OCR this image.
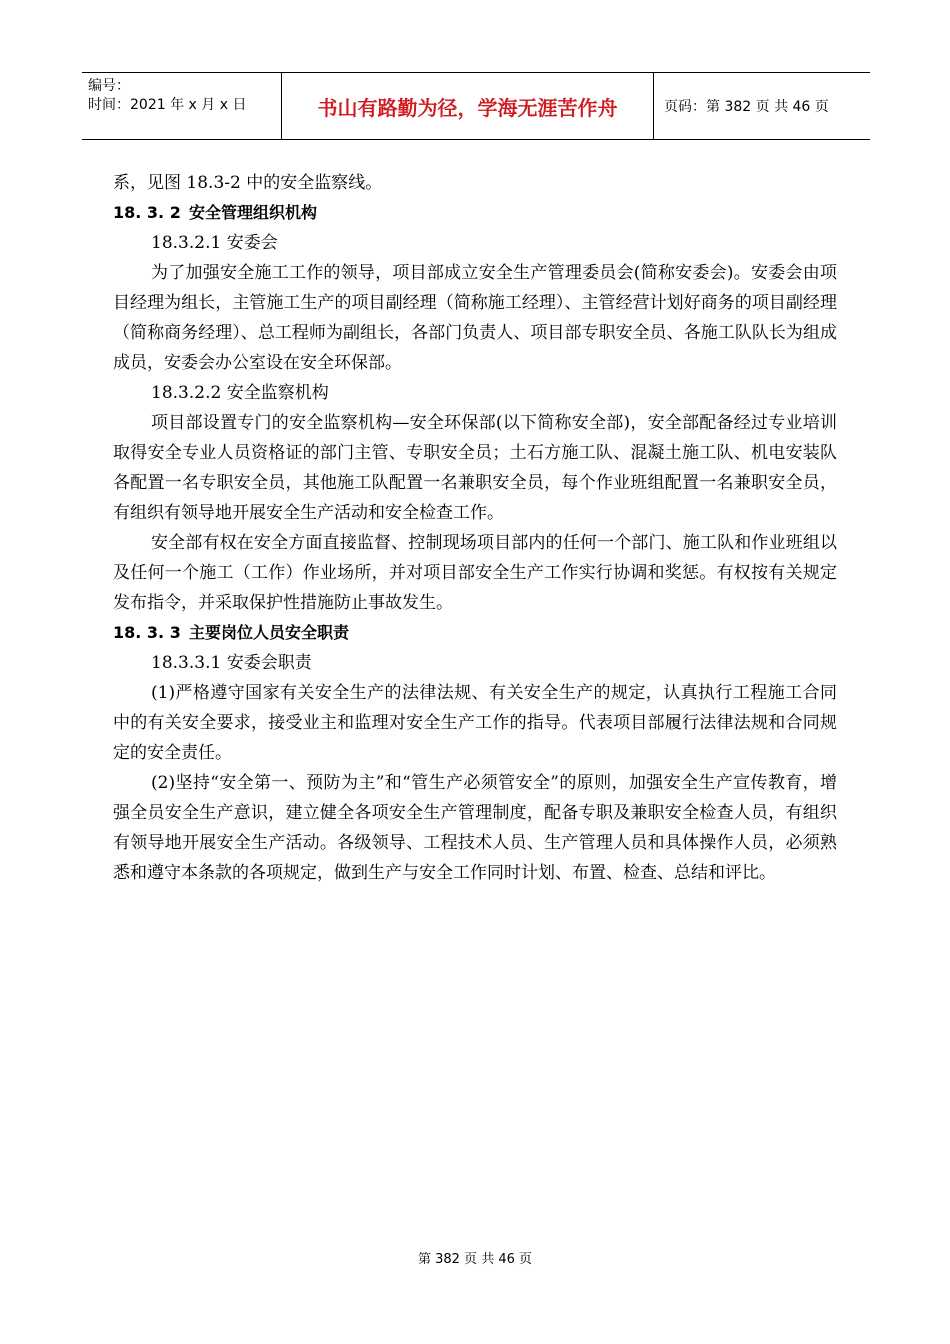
编号：
时间：2021 年 x 月 x 日	书山有路勤为径，学海无涯苦作舟	页码：第 382 页 共 46 页

系，见图 18.3-2 中的安全监察线。

18. 3. 2 安全管理组织机构

18.3.2.1 安委会

为了加强安全施工工作的领导，项目部成立安全生产管理委员会(简称安委会)。安委会由项目经理为组长，主管施工生产的项目副经理（简称施工经理）、主管经营计划好商务的项目副经理（简称商务经理）、总工程师为副组长，各部门负责人、项目部专职安全员、各施工队队长为组成成员，安委会办公室设在安全环保部。

18.3.2.2 安全监察机构

项目部设置专门的安全监察机构—安全环保部(以下简称安全部)，安全部配备经过专业培训取得安全专业人员资格证的部门主管、专职安全员；土石方施工队、混凝土施工队、机电安装队各配置一名专职安全员，其他施工队配置一名兼职安全员，每个作业班组配置一名兼职安全员，有组织有领导地开展安全生产活动和安全检查工作。

安全部有权在安全方面直接监督、控制现场项目部内的任何一个部门、施工队和作业班组以及任何一个施工（工作）作业场所，并对项目部安全生产工作实行协调和奖惩。有权按有关规定发布指令，并采取保护性措施防止事故发生。

18. 3. 3 主要岗位人员安全职责

18.3.3.1 安委会职责

(1)严格遵守国家有关安全生产的法律法规、有关安全生产的规定，认真执行工程施工合同中的有关安全要求，接受业主和监理对安全生产工作的指导。代表项目部履行法律法规和合同规定的安全责任。

(2)坚持“安全第一、预防为主”和“管生产必须管安全”的原则，加强安全生产宣传教育，增强全员安全生产意识，建立健全各项安全生产管理制度，配备专职及兼职安全检查人员，有组织有领导地开展安全生产活动。各级领导、工程技术人员、生产管理人员和具体操作人员，必须熟悉和遵守本条款的各项规定，做到生产与安全工作同时计划、布置、检查、总结和评比。

第 382 页 共 46 页
